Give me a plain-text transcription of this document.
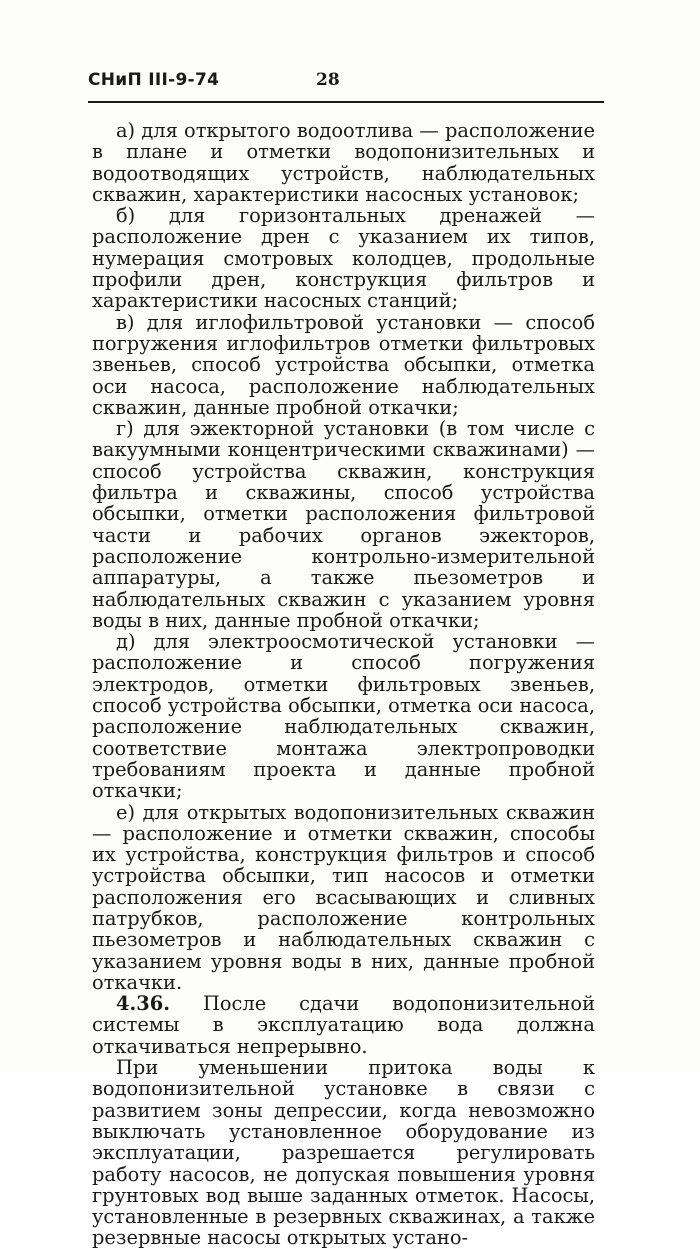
СНиП III-9-74	28

а) для открытого водоотлива — расположение в плане и отметки водопонизительных и водоотводящих устройств, наблюдательных скважин, характеристики насосных установок;

б) для горизонтальных дренажей — расположение дрен с указанием их типов, нумерация смотровых колодцев, продольные профили дрен, конструкция фильтров и характеристики насосных станций;

в) для иглофильтровой установки — способ погружения иглофильтров отметки фильтровых звеньев, способ устройства обсыпки, отметка оси насоса, расположение наблюдательных скважин, данные пробной откачки;

г) для эжекторной установки (в том числе с вакуумными концентрическими скважинами) — способ устройства скважин, конструкция фильтра и скважины, способ устройства обсыпки, отметки расположения фильтровой части и рабочих органов эжекторов, расположение контрольно-измерительной аппаратуры, а также пьезометров и наблюдательных скважин с указанием уровня воды в них, данные пробной откачки;

д) для электроосмотической установки — расположение и способ погружения электродов, отметки фильтровых звеньев, способ устройства обсыпки, отметка оси насоса, расположение наблюдательных скважин, соответствие монтажа электропроводки требованиям проекта и данные пробной откачки;

е) для открытых водопонизительных скважин — расположение и отметки скважин, способы их устройства, конструкция фильтров и способ устройства обсыпки, тип насосов и отметки расположения его всасывающих и сливных патрубков, расположение контрольных пьезометров и наблюдательных скважин с указанием уровня воды в них, данные пробной откачки.

4.36. После сдачи водопонизительной системы в эксплуатацию вода должна откачиваться непрерывно.

При уменьшении притока воды к водопонизительной установке в связи с развитием зоны депрессии, когда невозможно выключать установленное оборудование из эксплуатации, разрешается регулировать работу насосов, не допуская повышения уровня грунтовых вод выше заданных отметок. Насосы, установленные в резервных скважинах, а также резервные насосы открытых устано-
